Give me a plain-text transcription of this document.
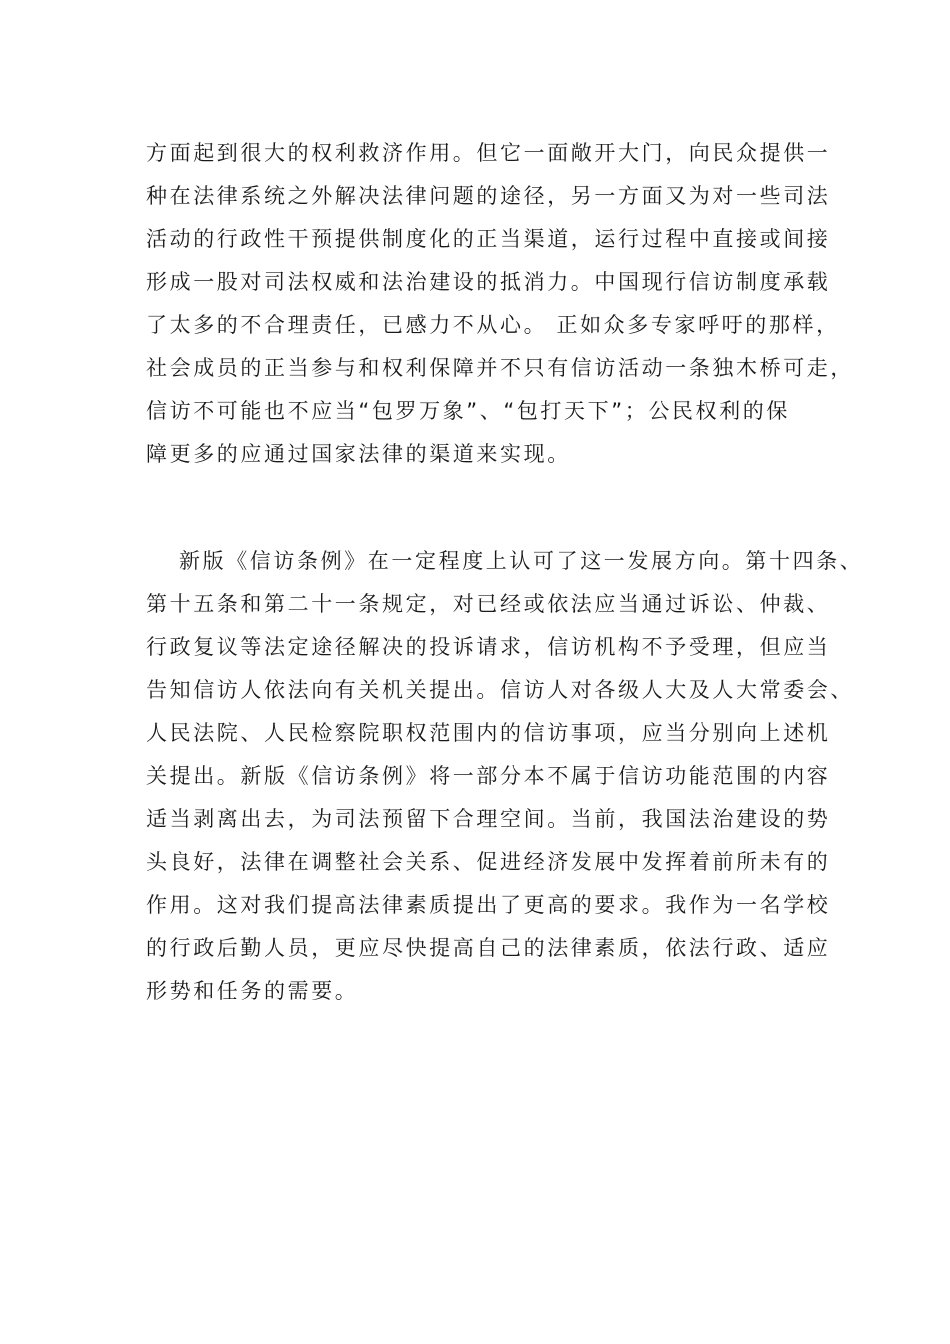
方面起到很大的权利救济作用。但它一面敞开大门，向民众提供一
种在法律系统之外解决法律问题的途径，另一方面又为对一些司法
活动的行政性干预提供制度化的正当渠道，运行过程中直接或间接
形成一股对司法权威和法治建设的抵消力。中国现行信访制度承载
了太多的不合理责任，已感力不从心。 正如众多专家呼吁的那样，
社会成员的正当参与和权利保障并不只有信访活动一条独木桥可走，
信访不可能也不应当“包罗万象”、“包打天下”；公民权利的保
障更多的应通过国家法律的渠道来实现。

新版《信访条例》在一定程度上认可了这一发展方向。第十四条、
第十五条和第二十一条规定，对已经或依法应当通过诉讼、仲裁、
行政复议等法定途径解决的投诉请求，信访机构不予受理，但应当
告知信访人依法向有关机关提出。信访人对各级人大及人大常委会、
人民法院、人民检察院职权范围内的信访事项，应当分别向上述机
关提出。新版《信访条例》将一部分本不属于信访功能范围的内容
适当剥离出去，为司法预留下合理空间。当前，我国法治建设的势
头良好，法律在调整社会关系、促进经济发展中发挥着前所未有的
作用。这对我们提高法律素质提出了更高的要求。我作为一名学校
的行政后勤人员，更应尽快提高自己的法律素质，依法行政、适应
形势和任务的需要。
